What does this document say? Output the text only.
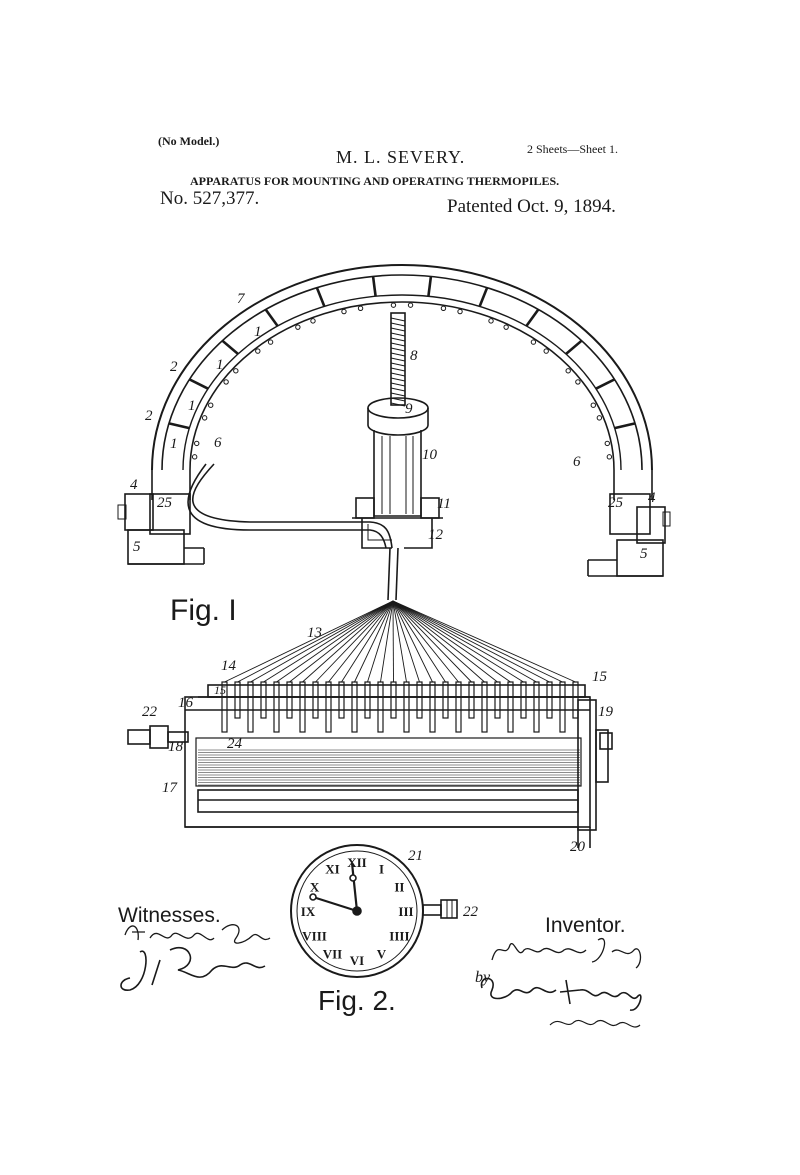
(No Model.)
2 Sheets—Sheet 1.
M. L. SEVERY.
APPARATUS FOR MOUNTING AND OPERATING THERMOPILES.
No. 527,377.	Patented Oct. 9, 1894.
XII I
II
III
IIII
V
VI
VII
VIII
IX
X
XI
7
2
2
1
1
1
1 6
6
8
9
10
11
12
4
4
5	5
25	25
13
14
15
15
16
19
22
18	24
17
20
21
22
Fig. I
Fig. 2.
Witnesses.	Inventor.
by
